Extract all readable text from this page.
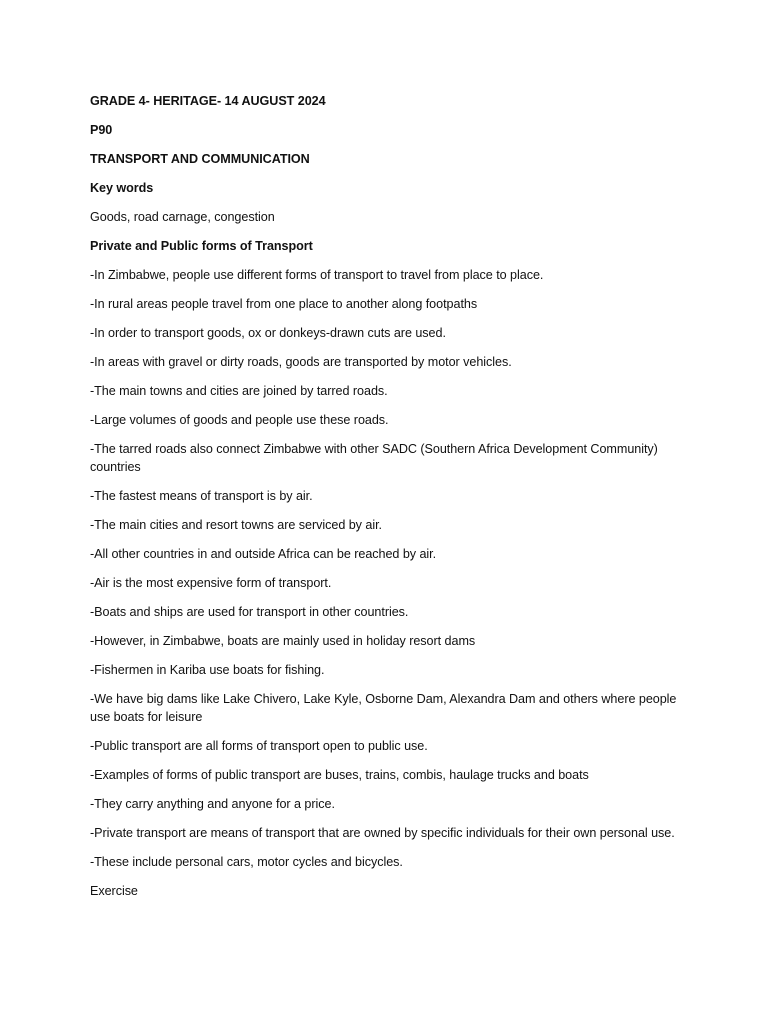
GRADE 4- HERITAGE- 14 AUGUST 2024

P90

TRANSPORT AND COMMUNICATION

Key words

Goods, road carnage, congestion

Private and Public forms of Transport

-In Zimbabwe, people use different forms of transport to travel from place to place.

-In rural areas people travel from one place to another along footpaths

-In order to transport goods, ox or donkeys-drawn cuts are used.

-In areas with gravel or dirty roads, goods are transported by motor vehicles.

-The main towns and cities are joined by tarred roads.

-Large volumes of goods and people use these roads.

-The tarred roads also connect Zimbabwe with other SADC (Southern Africa Development Community) countries

-The fastest means of transport is by air.

-The main cities and resort towns are serviced by air.

-All other countries in and outside Africa can be reached by air.

-Air is the most expensive form of transport.

-Boats and ships are used for transport in other countries.

-However, in Zimbabwe, boats are mainly used in holiday resort dams

-Fishermen in Kariba use boats for fishing.

-We have big dams like Lake Chivero, Lake Kyle, Osborne Dam, Alexandra Dam and others where people use boats for leisure

-Public transport are all forms of transport open to public use.

-Examples of forms of public transport are buses, trains, combis, haulage trucks and boats

-They carry anything and anyone for a price.

-Private transport are means of transport that are owned by specific individuals for their own personal use.

-These include personal cars, motor cycles and bicycles.

Exercise
